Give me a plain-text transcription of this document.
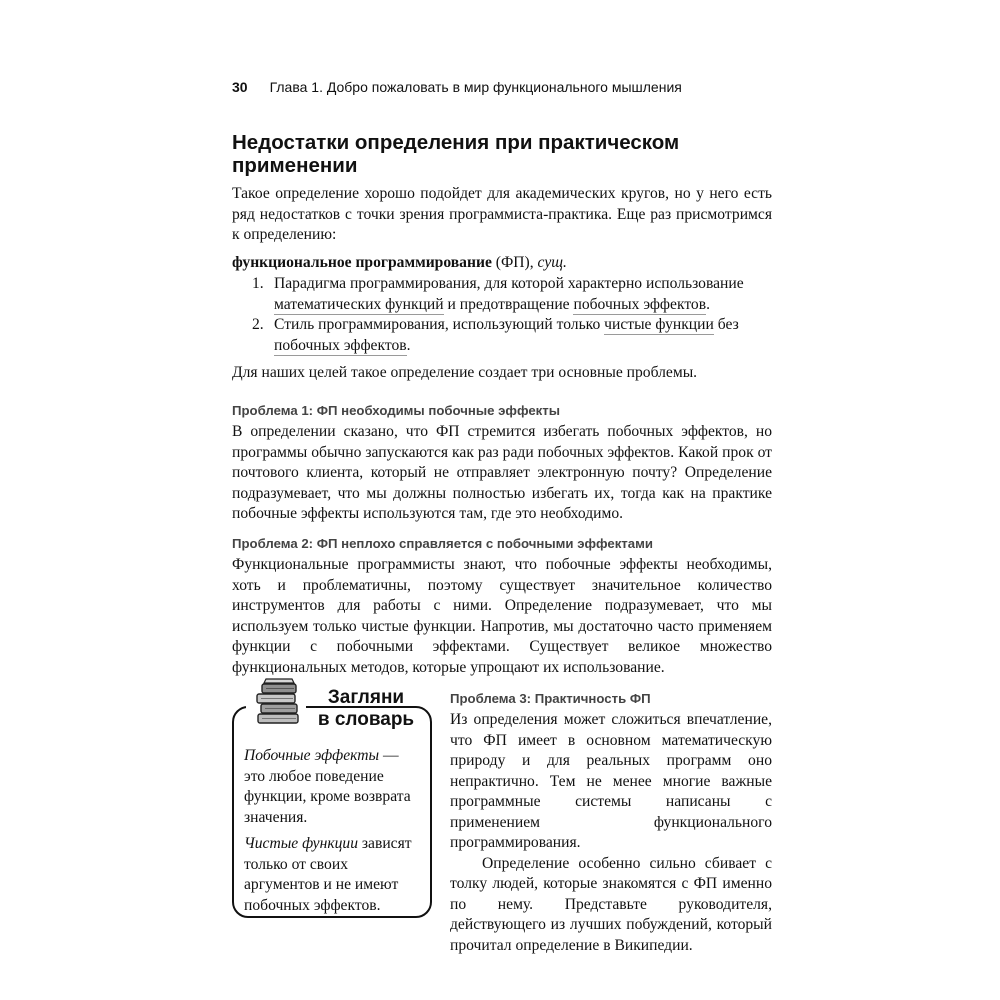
30 Глава 1. Добро пожаловать в мир функционального мышления
Недостатки определения при практическом применении

Такое определение хорошо подойдет для академических кругов, но у него есть ряд недостатков с точки зрения программиста-практика. Еще раз присмотримся к определению:

функциональное программирование (ФП), сущ.

1. Парадигма программирования, для которой характерно использование математических функций и предотвращение побочных эффектов.
2. Стиль программирования, использующий только чистые функции без побочных эффектов.

Для наших целей такое определение создает три основные проблемы.

Проблема 1: ФП необходимы побочные эффекты

В определении сказано, что ФП стремится избегать побочных эффектов, но программы обычно запускаются как раз ради побочных эффектов. Какой прок от почтового клиента, который не отправляет электронную почту? Определение подразумевает, что мы должны полностью избегать их, тогда как на практике побочные эффекты используются там, где это необходимо.

Проблема 2: ФП неплохо справляется с побочными эффектами

Функциональные программисты знают, что побочные эффекты необходимы, хоть и проблематичны, поэтому существует значительное количество инструментов для работы с ними. Определение подразумевает, что мы используем только чистые функции. Напротив, мы достаточно часто применяем функции с побочными эффектами. Существует великое множество функциональных методов, которые упрощают их использование.

Загляни
в словарь

Побочные эффекты — это любое поведение функции, кроме возврата значения.

Чистые функции зависят только от своих аргументов и не имеют побочных эффектов.

Проблема 3: Практичность ФП

Из определения может сложиться впечатление, что ФП имеет в основном математическую природу и для реальных программ оно непрактично. Тем не менее многие важные программные системы написаны с применением функционального программирования.

Определение особенно сильно сбивает с толку людей, которые знакомятся с ФП именно по нему. Представьте руководителя, действующего из лучших побуждений, который прочитал определение в Википедии.
